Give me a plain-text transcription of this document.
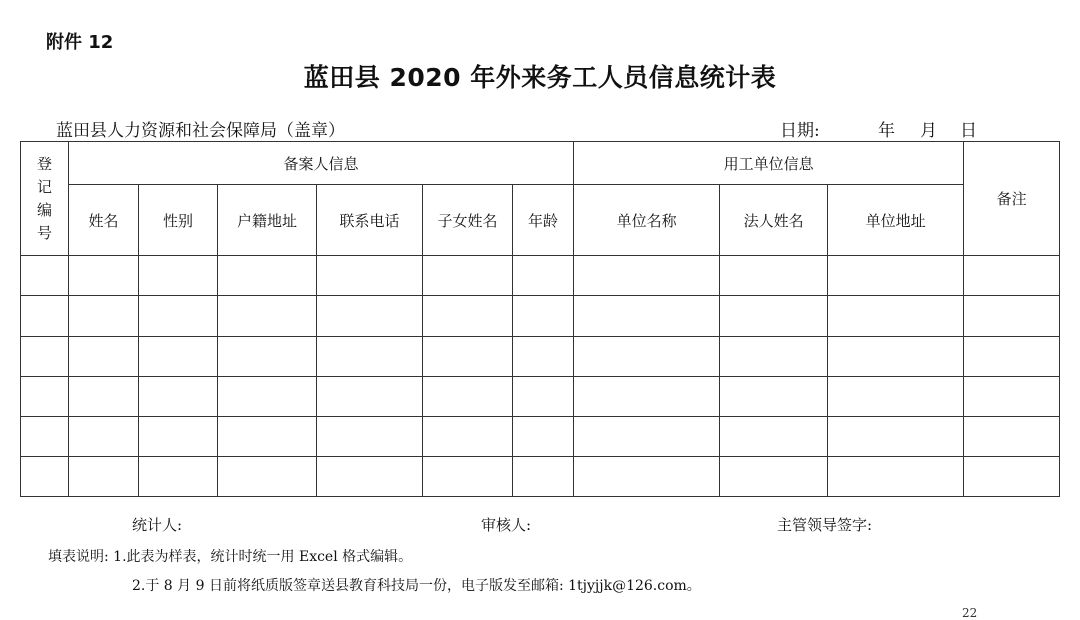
附件 12
蓝田县 2020 年外来务工人员信息统计表
蓝田县人力资源和社会保障局（盖章）	日期:	年 月 日
登
记
编
号	备案人信息						用工单位信息			备注
	姓名	性别	户籍地址	联系电话	子女姓名	年龄	单位名称	法人姓名	单位地址	

统计人:	审核人:	主管领导签字:
填表说明: 1.此表为样表，统计时统一用 Excel 格式编辑。
2.于 8 月 9 日前将纸质版签章送县教育科技局一份，电子版发至邮箱: 1tjyjjk@126.com。
22
